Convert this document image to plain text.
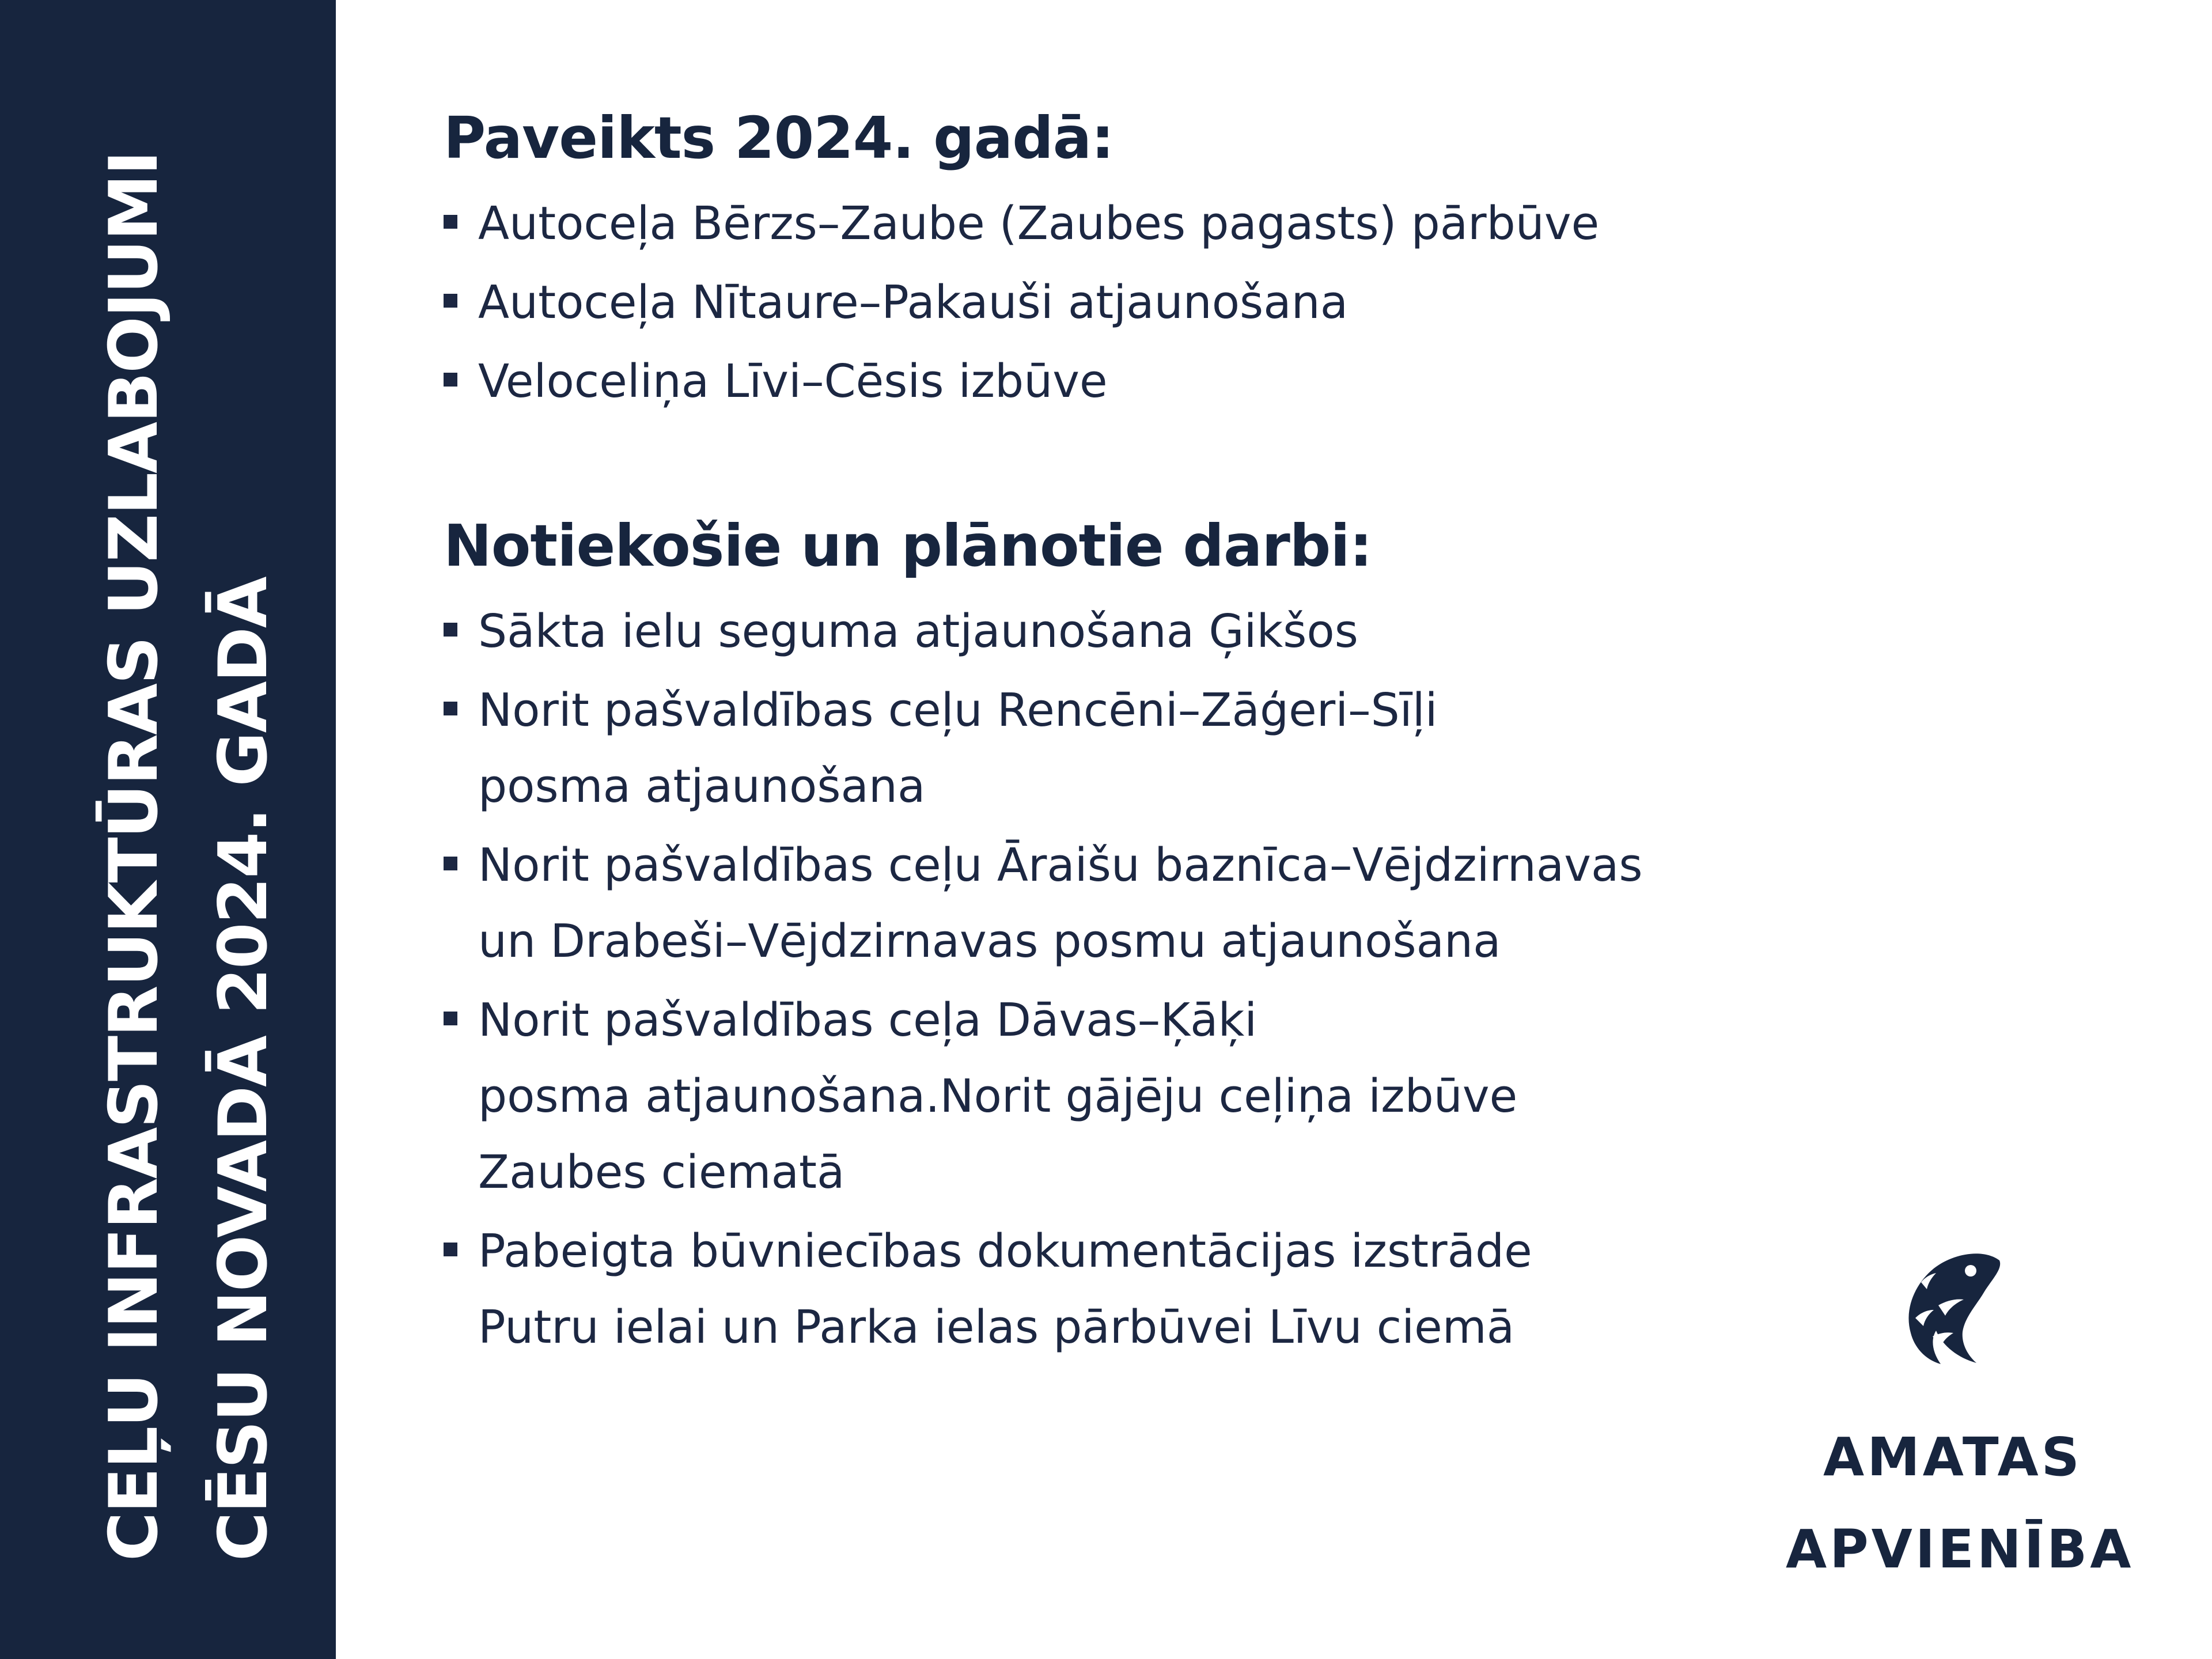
CEĻU INFRASTRUKTŪRAS UZLABOJUMI CĒSU NOVADĀ 2024. GADĀ
Paveikts 2024. gadā:
Autoceļa Bērzs–Zaube (Zaubes pagasts) pārbūve
Autoceļa Nītaure–Pakauši atjaunošana
Veloceliņa Līvi–Cēsis izbūve
Notiekošie un plānotie darbi:
Sākta ielu seguma atjaunošana Ģikšos
Norit pašvaldības ceļu Rencēni–Zāģeri–Sīļi
posma atjaunošana
Norit pašvaldības ceļu Āraišu baznīca–Vējdzirnavas
un Drabeši–Vējdzirnavas posmu atjaunošana
Norit pašvaldības ceļa Dāvas–Ķāķi
posma atjaunošana.Norit gājēju ceļiņa izbūve
Zaubes ciematā
Pabeigta būvniecības dokumentācijas izstrāde
Putru ielai un Parka ielas pārbūvei Līvu ciemā
AMATAS
APVIENĪBA
